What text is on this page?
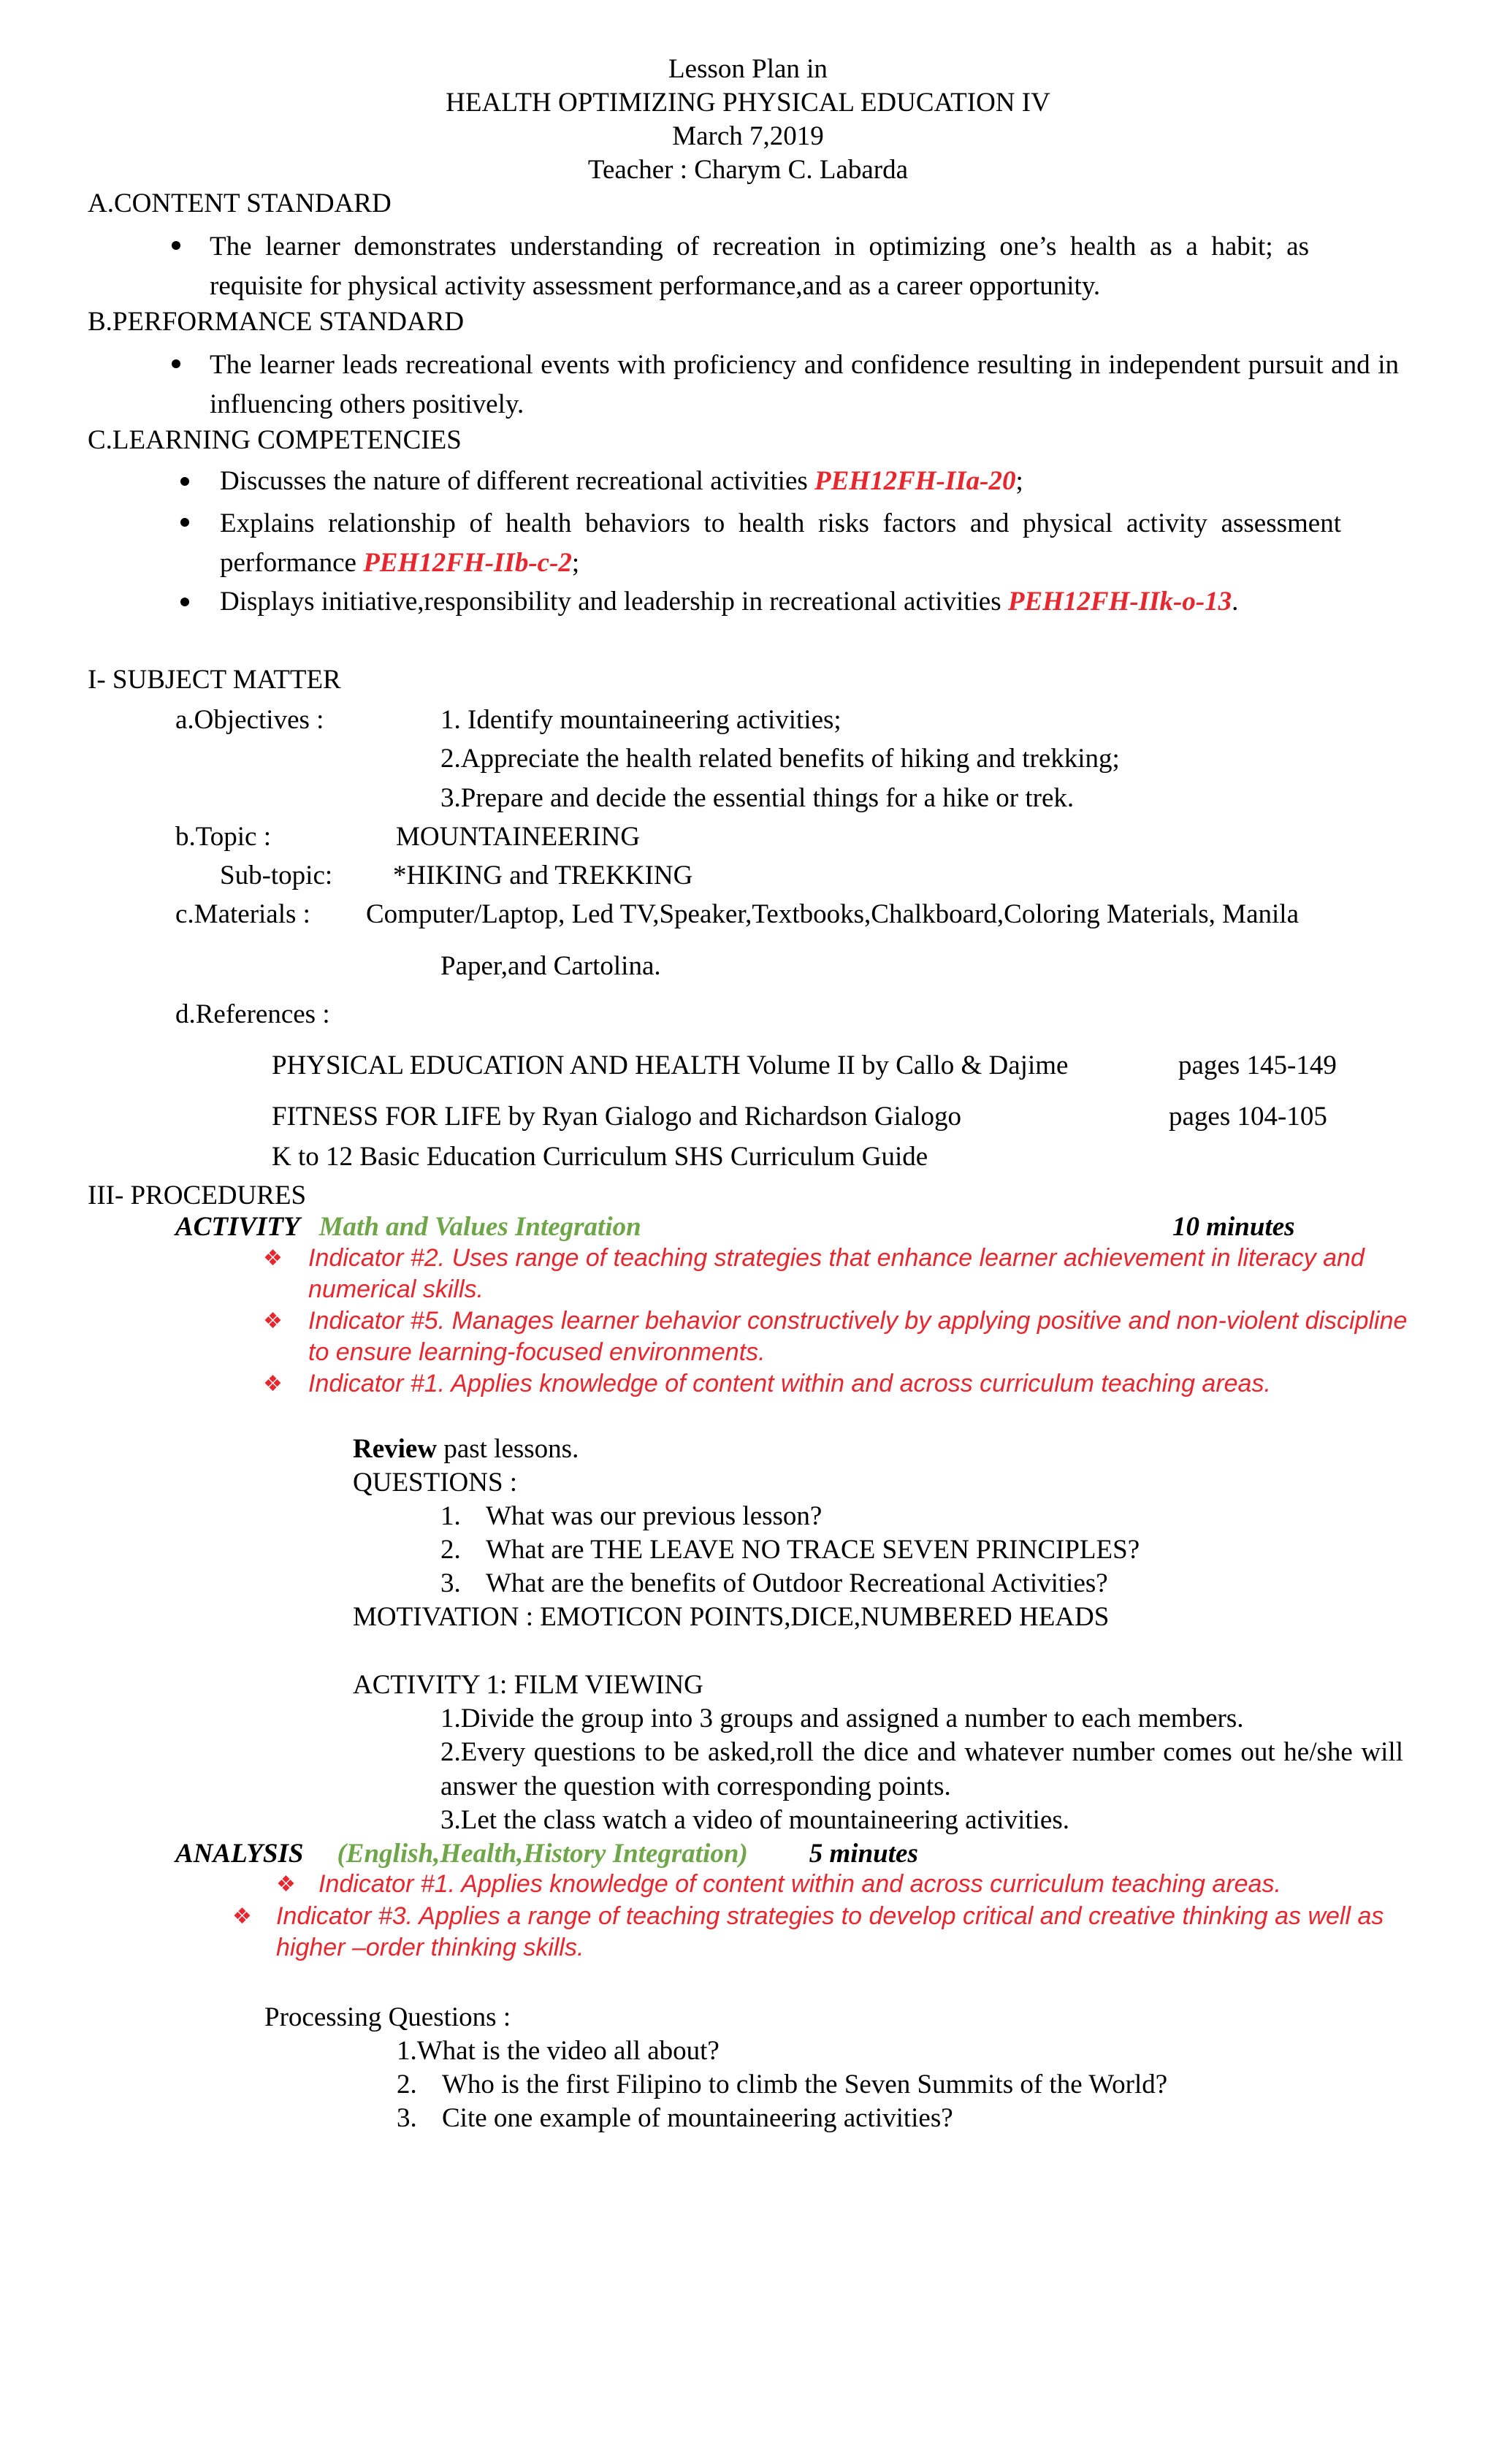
Lesson Plan in
HEALTH OPTIMIZING PHYSICAL EDUCATION IV
March 7,2019
Teacher : Charym C. Labarda
A.CONTENT STANDARD
The learner demonstrates understanding of recreation in optimizing one’s health as a habit; as requisite for physical activity assessment performance,and as a career opportunity.
B.PERFORMANCE STANDARD
The learner leads recreational events with proficiency and confidence resulting in independent pursuit and in influencing others positively.
C.LEARNING COMPETENCIES
Discusses the nature of different recreational activities PEH12FH-IIa-20;
Explains relationship of health behaviors to health risks factors and physical activity assessment performance PEH12FH-IIb-c-2;
Displays initiative,responsibility and leadership in recreational activities PEH12FH-IIk-o-13.
I- SUBJECT MATTER
a.Objectives :	1. Identify mountaineering activities;
2.Appreciate the health related benefits of hiking and trekking;
3.Prepare and decide the essential things for a hike or trek.
b.Topic :	MOUNTAINEERING
Sub-topic: *HIKING and TREKKING
c.Materials : Computer/Laptop, Led TV,Speaker,Textbooks,Chalkboard,Coloring Materials, Manila
Paper,and Cartolina.
d.References :
PHYSICAL EDUCATION AND HEALTH Volume II by Callo & Dajime	pages 145-149
FITNESS FOR LIFE by Ryan Gialogo and Richardson Gialogo	pages 104-105
K to 12 Basic Education Curriculum SHS Curriculum Guide
III- PROCEDURES
ACTIVITY Math and Values Integration	10 minutes
❖ Indicator #2. Uses range of teaching strategies that enhance learner achievement in literacy and numerical skills.
❖ Indicator #5. Manages learner behavior constructively by applying positive and non-violent discipline to ensure learning-focused environments.
❖ Indicator #1. Applies knowledge of content within and across curriculum teaching areas.
Review past lessons.
QUESTIONS :
1. What was our previous lesson?
2. What are THE LEAVE NO TRACE SEVEN PRINCIPLES?
3. What are the benefits of Outdoor Recreational Activities?
MOTIVATION : EMOTICON POINTS,DICE,NUMBERED HEADS
ACTIVITY 1: FILM VIEWING
1.Divide the group into 3 groups and assigned a number to each members.
2.Every questions to be asked,roll the dice and whatever number comes out he/she will answer the question with corresponding points.
3.Let the class watch a video of mountaineering activities.
ANALYSIS (English,Health,History Integration) 5 minutes
❖ Indicator #1. Applies knowledge of content within and across curriculum teaching areas.
❖ Indicator #3. Applies a range of teaching strategies to develop critical and creative thinking as well as higher –order thinking skills.
Processing Questions :
1.What is the video all about?
2. Who is the first Filipino to climb the Seven Summits of the World?
3. Cite one example of mountaineering activities?
